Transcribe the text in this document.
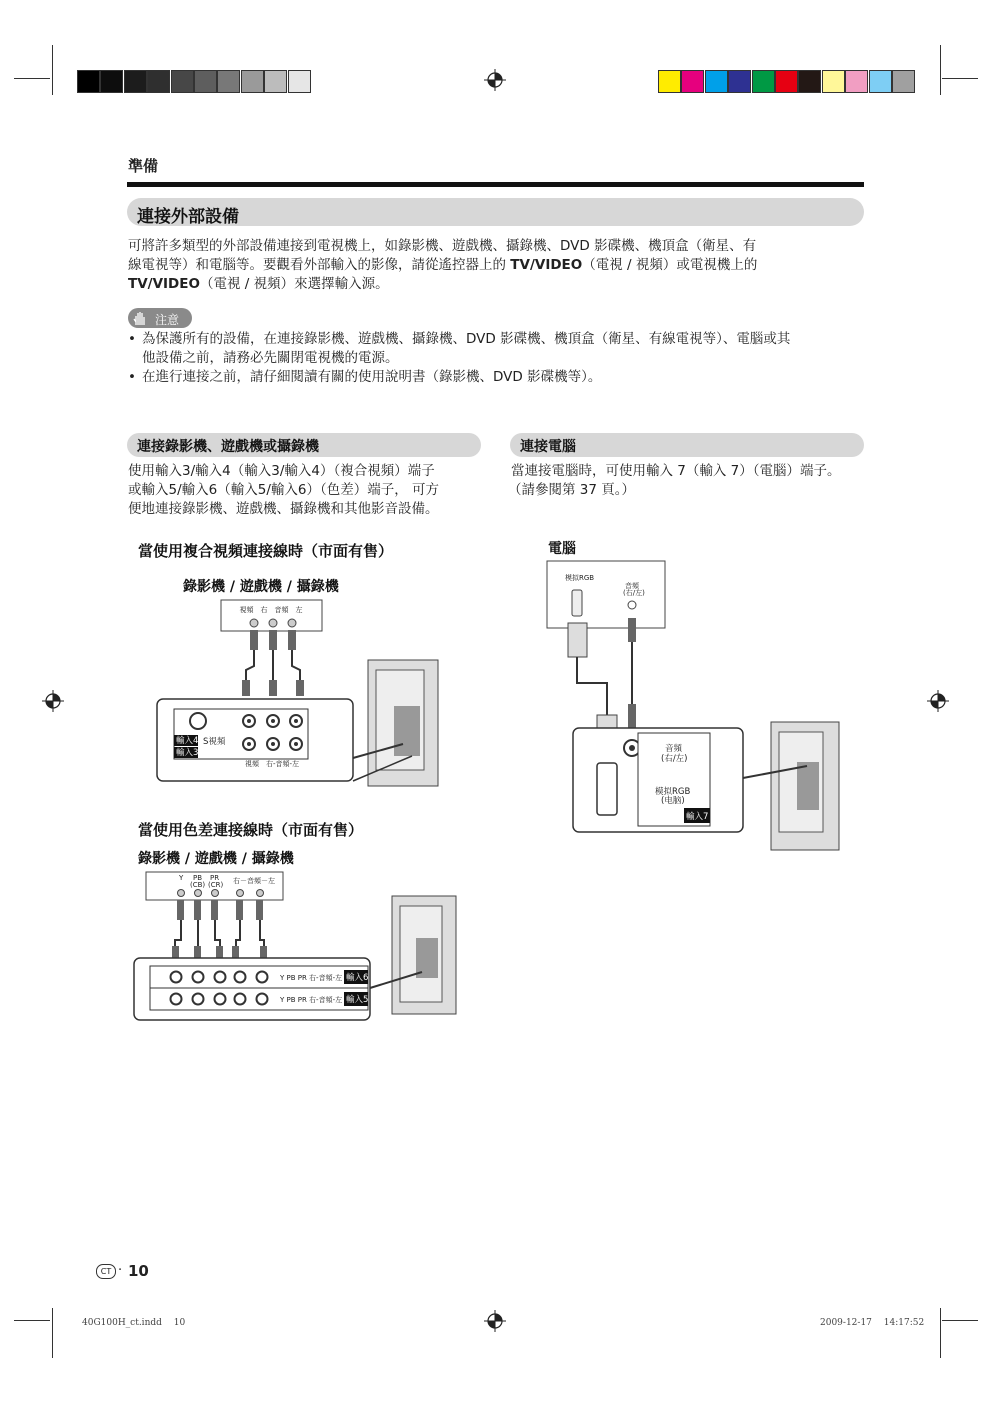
準備
連接外部設備
可將許多類型的外部設備連接到電視機上，如錄影機、遊戲機、攝錄機、DVD 影碟機、機頂盒（衛星、有
線電視等）和電腦等。要觀看外部輸入的影像，請從遙控器上的 TV/VIDEO（電視 / 視頻）或電視機上的
TV/VIDEO（電視 / 視頻）來選擇輸入源。
注意
• 為保護所有的設備，在連接錄影機、遊戲機、攝錄機、DVD 影碟機、機頂盒（衛星、有線電視等）、電腦或其
他設備之前，請務必先關閉電視機的電源。
• 在進行連接之前，請仔細閱讀有關的使用說明書（錄影機、DVD 影碟機等）。
連接錄影機、遊戲機或攝錄機
使用輸入3/輸入4（輸入3/輸入4）（複合視頻）端子
或輸入5/輸入6（輸入5/輸入6）（色差）端子， 可方
便地連接錄影機、遊戲機、攝錄機和其他影音設備。
連接電腦
當連接電腦時，可使用輸入 7（輸入 7）（電腦）端子。
（請參閱第 37 頁。）
當使用複合視頻連接線時（市面有售）
錄影機 / 遊戲機 / 攝錄機
視頻　右　音頻　左
輸入4
輸入3
S視頻
視頻　右-音頻-左
當使用色差連接線時（市面有售）
錄影機 / 遊戲機 / 攝錄機
Y PB PR
(CB) (CR) 右－音頻－左
Y PB PR 右-音頻-左
Y PB PR 右-音頻-左
輸入6
輸入5
電腦
模拟RGB
音頻
(右/左)
音頻
(右/左)
模拟RGB
(电脑)
輸入7
CT · 10
40G100H_ct.indd　 10	2009-12-17　 14:17:52
